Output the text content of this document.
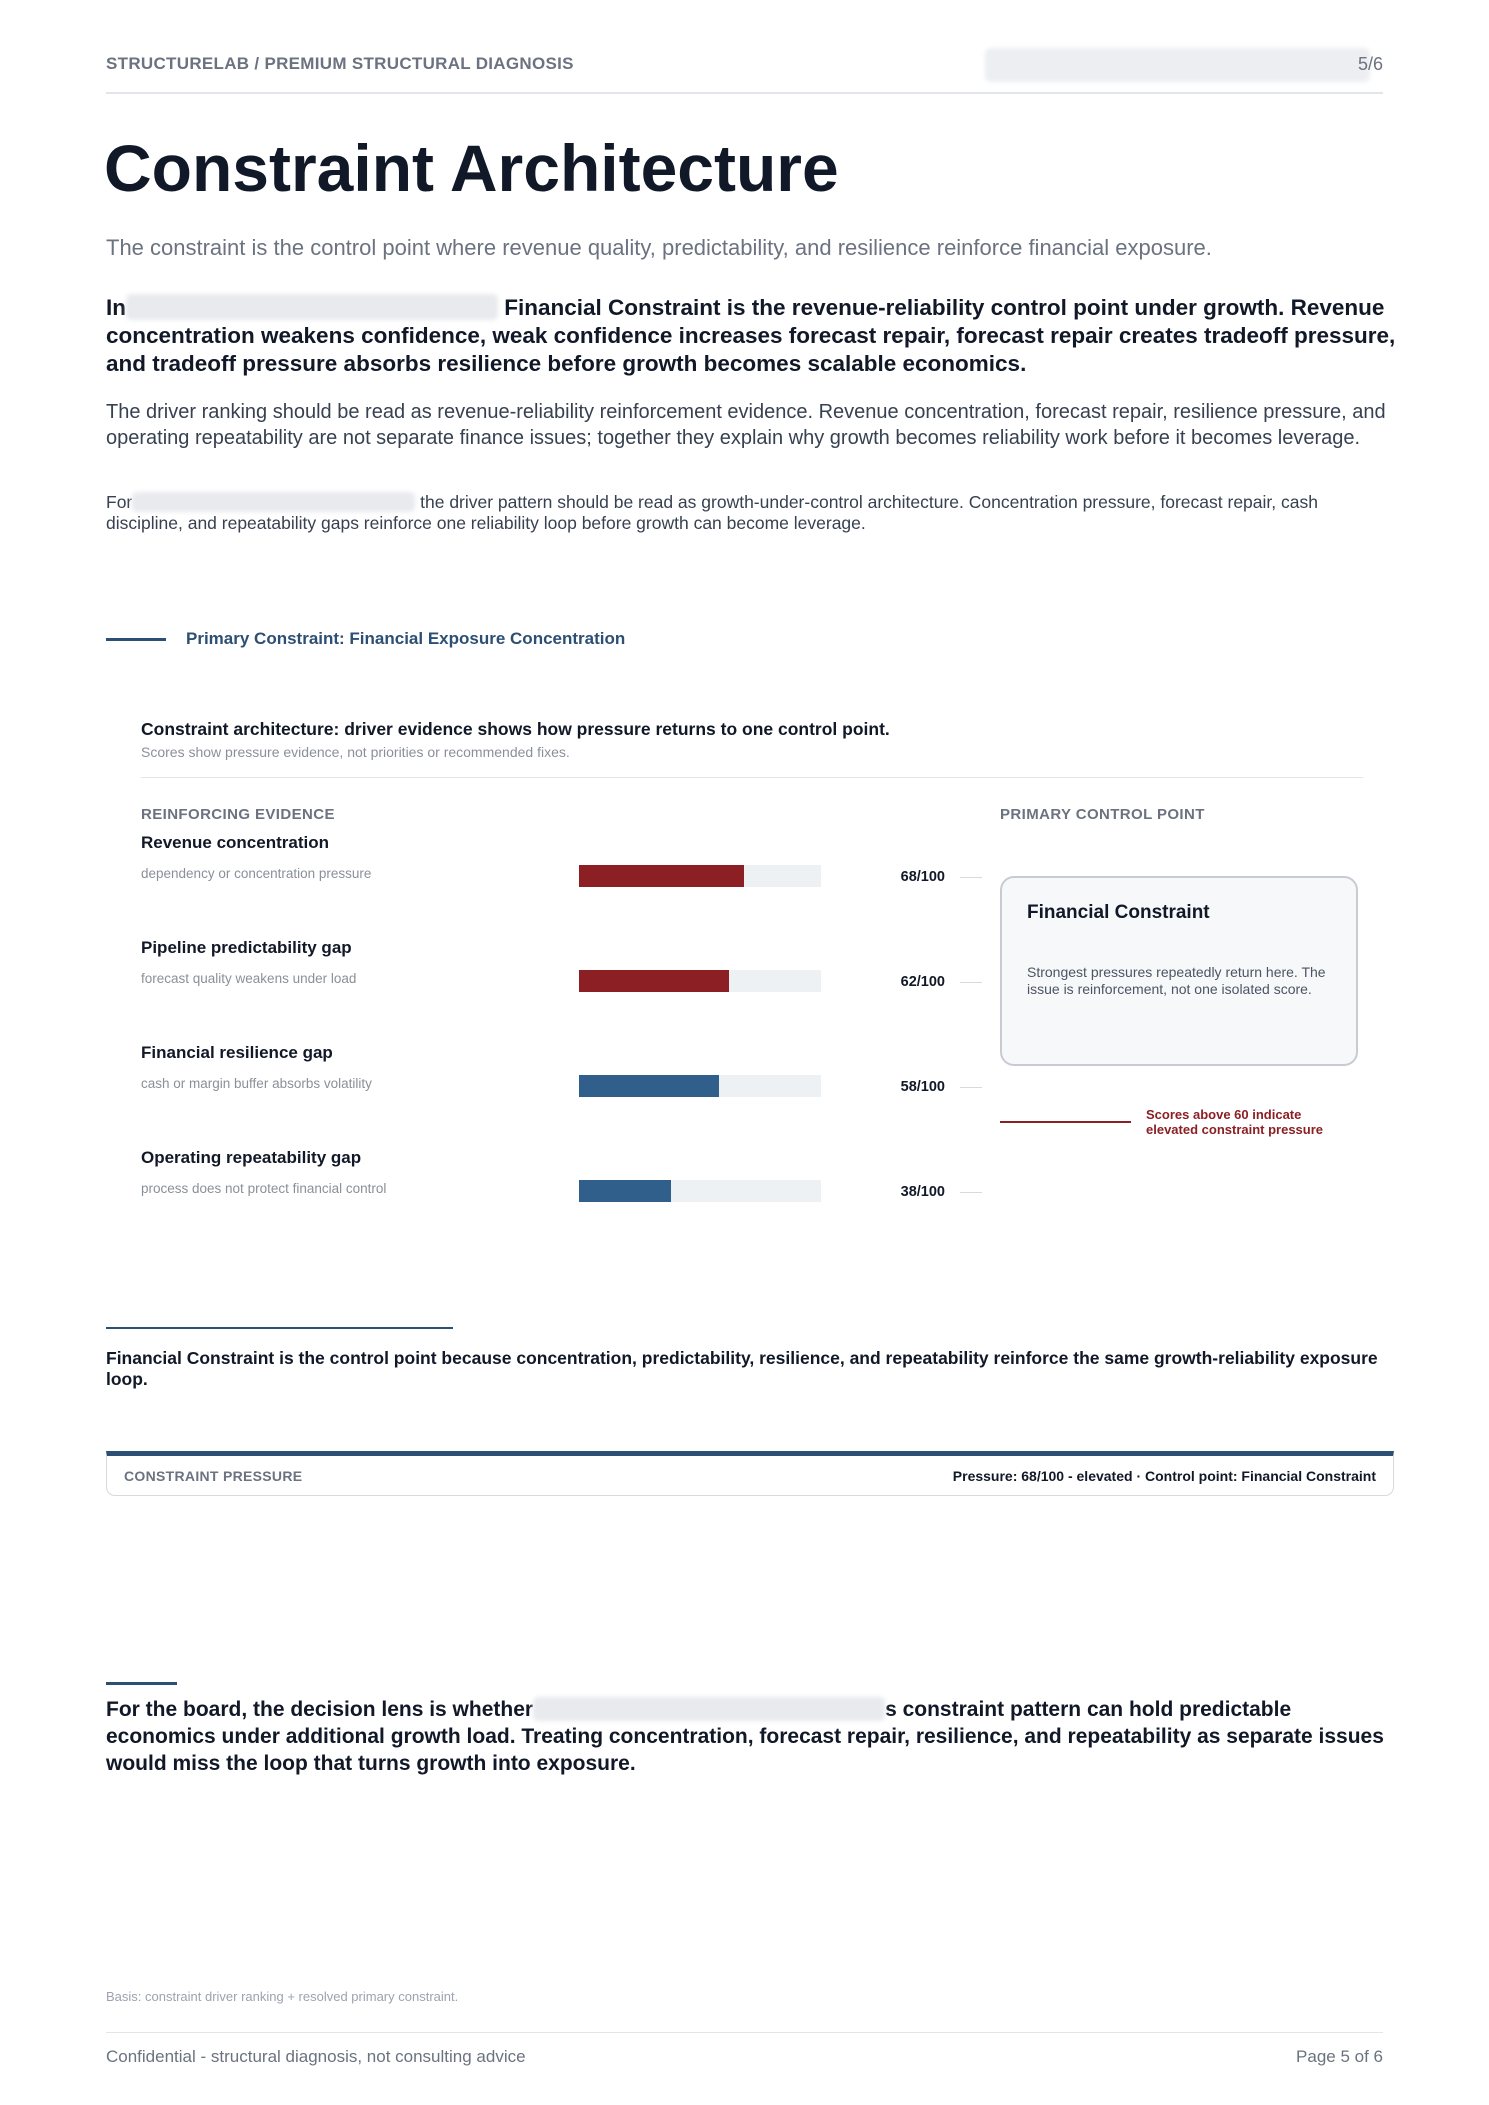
STRUCTURELAB / PREMIUM STRUCTURAL DIAGNOSIS	5/6
Constraint Architecture
The constraint is the control point where revenue quality, predictability, and resilience reinforce financial exposure.
In	Financial Constraint is the revenue-reliability control point under growth. Revenue concentration weakens confidence, weak confidence increases forecast repair, forecast repair creates tradeoff pressure, and tradeoff pressure absorbs resilience before growth becomes scalable economics.
The driver ranking should be read as revenue-reliability reinforcement evidence. Revenue concentration, forecast repair, resilience pressure, and operating repeatability are not separate finance issues; together they explain why growth becomes reliability work before it becomes leverage.
For	the driver pattern should be read as growth-under-control architecture. Concentration pressure, forecast repair, cash discipline, and repeatability gaps reinforce one reliability loop before growth can become leverage.
Primary Constraint: Financial Exposure Concentration
Constraint architecture: driver evidence shows how pressure returns to one control point.
Scores show pressure evidence, not priorities or recommended fixes.
REINFORCING EVIDENCE	PRIMARY CONTROL POINT
Revenue concentration
dependency or concentration pressure	68/100
Pipeline predictability gap
forecast quality weakens under load	62/100
Financial resilience gap
cash or margin buffer absorbs volatility	58/100
Operating repeatability gap
process does not protect financial control	38/100
Financial Constraint
Strongest pressures repeatedly return here. The issue is reinforcement, not one isolated score.
Scores above 60 indicate elevated constraint pressure
Financial Constraint is the control point because concentration, predictability, resilience, and repeatability reinforce the same growth-reliability exposure loop.
CONSTRAINT PRESSURE	Pressure: 68/100 - elevated · Control point: Financial Constraint
For the board, the decision lens is whether	s constraint pattern can hold predictable economics under additional growth load. Treating concentration, forecast repair, resilience, and repeatability as separate issues would miss the loop that turns growth into exposure.
Basis: constraint driver ranking + resolved primary constraint.
Confidential - structural diagnosis, not consulting advice	Page 5 of 6
